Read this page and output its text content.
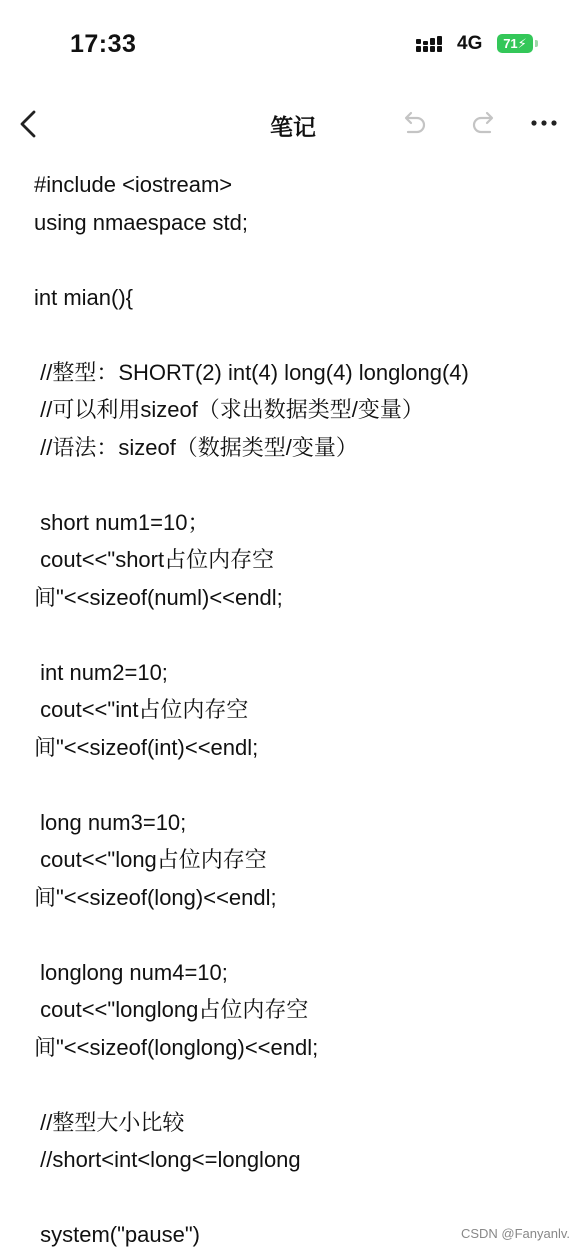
17:33	4G	71⚡
笔记
#include <iostream>
using nmaespace std;
int mian(){
//整型：SHORT(2) int(4) long(4) longlong(4)
//可以利用sizeof（求出数据类型/变量）
//语法：sizeof（数据类型/变量）
short num1=10；
cout<<"short占位内存空
间"<<sizeof(numl)<<endl;
int num2=10;
cout<<"int占位内存空
间"<<sizeof(int)<<endl;
long num3=10;
cout<<"long占位内存空
间"<<sizeof(long)<<endl;
longlong num4=10;
cout<<"longlong占位内存空
间"<<sizeof(longlong)<<endl;
//整型大小比较
//short<int<long<=longlong
system("pause")	CSDN @Fanyanlv.
